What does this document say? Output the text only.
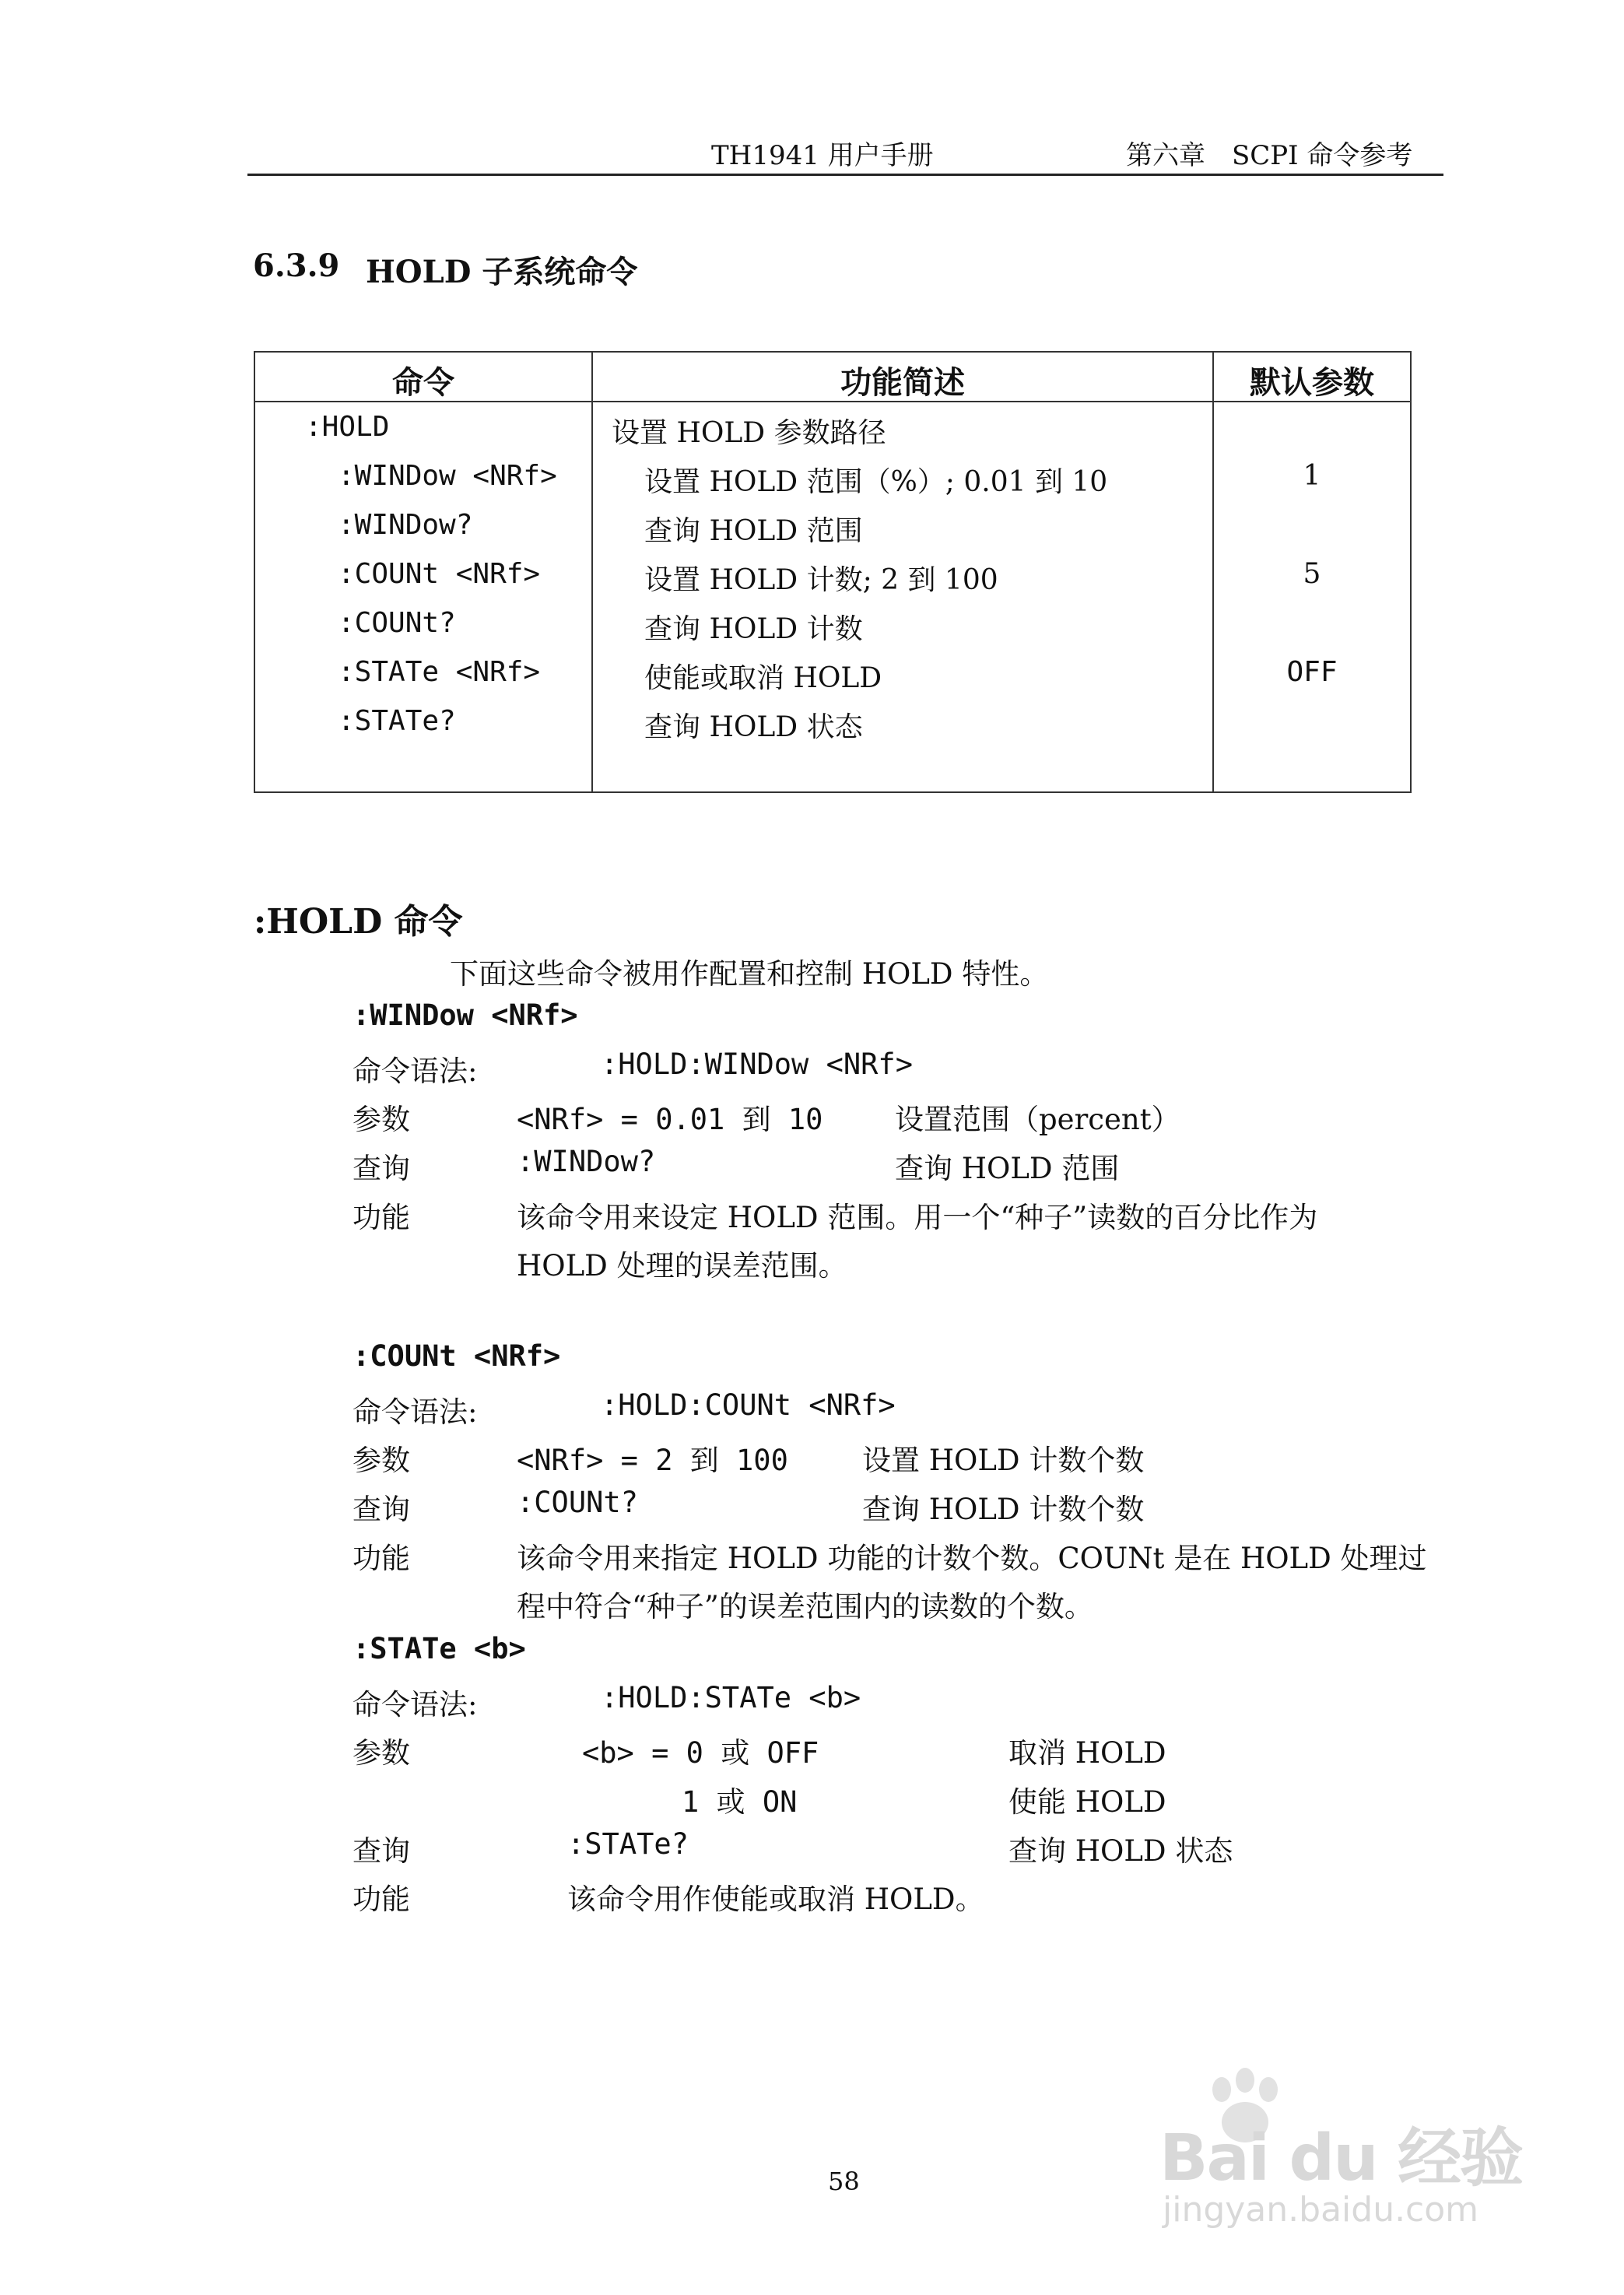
TH1941 用户手册	第六章　SCPI 命令参考
6.3.9 HOLD 子系统命令
命令	功能简述	默认参数
:HOLD	设置 HOLD 参数路径
:WINDow <NRf>	设置 HOLD 范围（%）; 0.01 到 10	1
:WINDow?	查询 HOLD 范围
:COUNt <NRf>	设置 HOLD 计数; 2 到 100	5
:COUNt?	查询 HOLD 计数
:STATe <NRf>	使能或取消 HOLD	OFF
:STATe?	查询 HOLD 状态
:HOLD 命令
下面这些命令被用作配置和控制 HOLD 特性。
:WINDow <NRf>
命令语法:	:HOLD:WINDow <NRf>
参数	<NRf> = 0.01 到 10	设置范围（percent）
查询	:WINDow?	查询 HOLD 范围
功能	该命令用来设定 HOLD 范围。用一个“种子”读数的百分比作为
HOLD 处理的误差范围。
:COUNt <NRf>
命令语法:	:HOLD:COUNt <NRf>
参数	<NRf> = 2 到 100	设置 HOLD 计数个数
查询	:COUNt?	查询 HOLD 计数个数
功能	该命令用来指定 HOLD 功能的计数个数。COUNt 是在 HOLD 处理过
程中符合“种子”的误差范围内的读数的个数。
:STATe <b>
命令语法:	:HOLD:STATe <b>
参数	<b> = 0 或 OFF	取消 HOLD
1 或 ON	使能 HOLD
查询	:STATe?	查询 HOLD 状态
功能	该命令用作使能或取消 HOLD。
58	Bai du 经验
jingyan.baidu.com
